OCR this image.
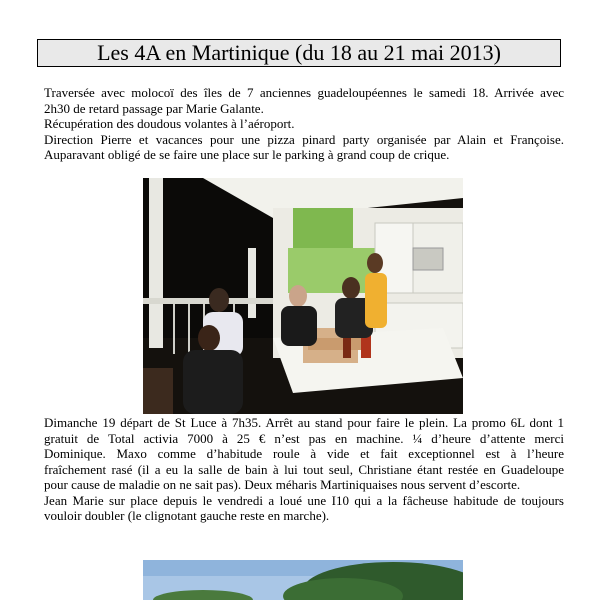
Les 4A en Martinique (du 18 au 21 mai 2013)

Traversée avec molocoï des îles de 7 anciennes guadeloupéennes le samedi 18. Arrivée avec
2h30 de retard passage par Marie Galante.
Récupération des doudous volantes à l’aéroport.
Direction Pierre et vacances pour une pizza pinard party organisée par Alain et Françoise.
Auparavant obligé de se faire une place sur le parking à grand coup de crique.

Dimanche 19 départ de St Luce à 7h35. Arrêt au stand pour faire le plein. La promo 6L dont 1
gratuit de Total activia 7000 à 25 € n’est pas en machine. ¼ d’heure d’attente merci
Dominique. Maxo comme d’habitude roule à vide et fait exceptionnel est à l’heure
fraîchement rasé (il a eu la salle de bain à lui tout seul, Christiane étant restée en Guadeloupe
pour cause de maladie on ne sait pas). Deux méharis Martiniquaises nous servent d’escorte.
Jean Marie sur place depuis le vendredi a loué une I10 qui a la fâcheuse habitude de toujours
vouloir doubler (le clignotant gauche reste en marche).
